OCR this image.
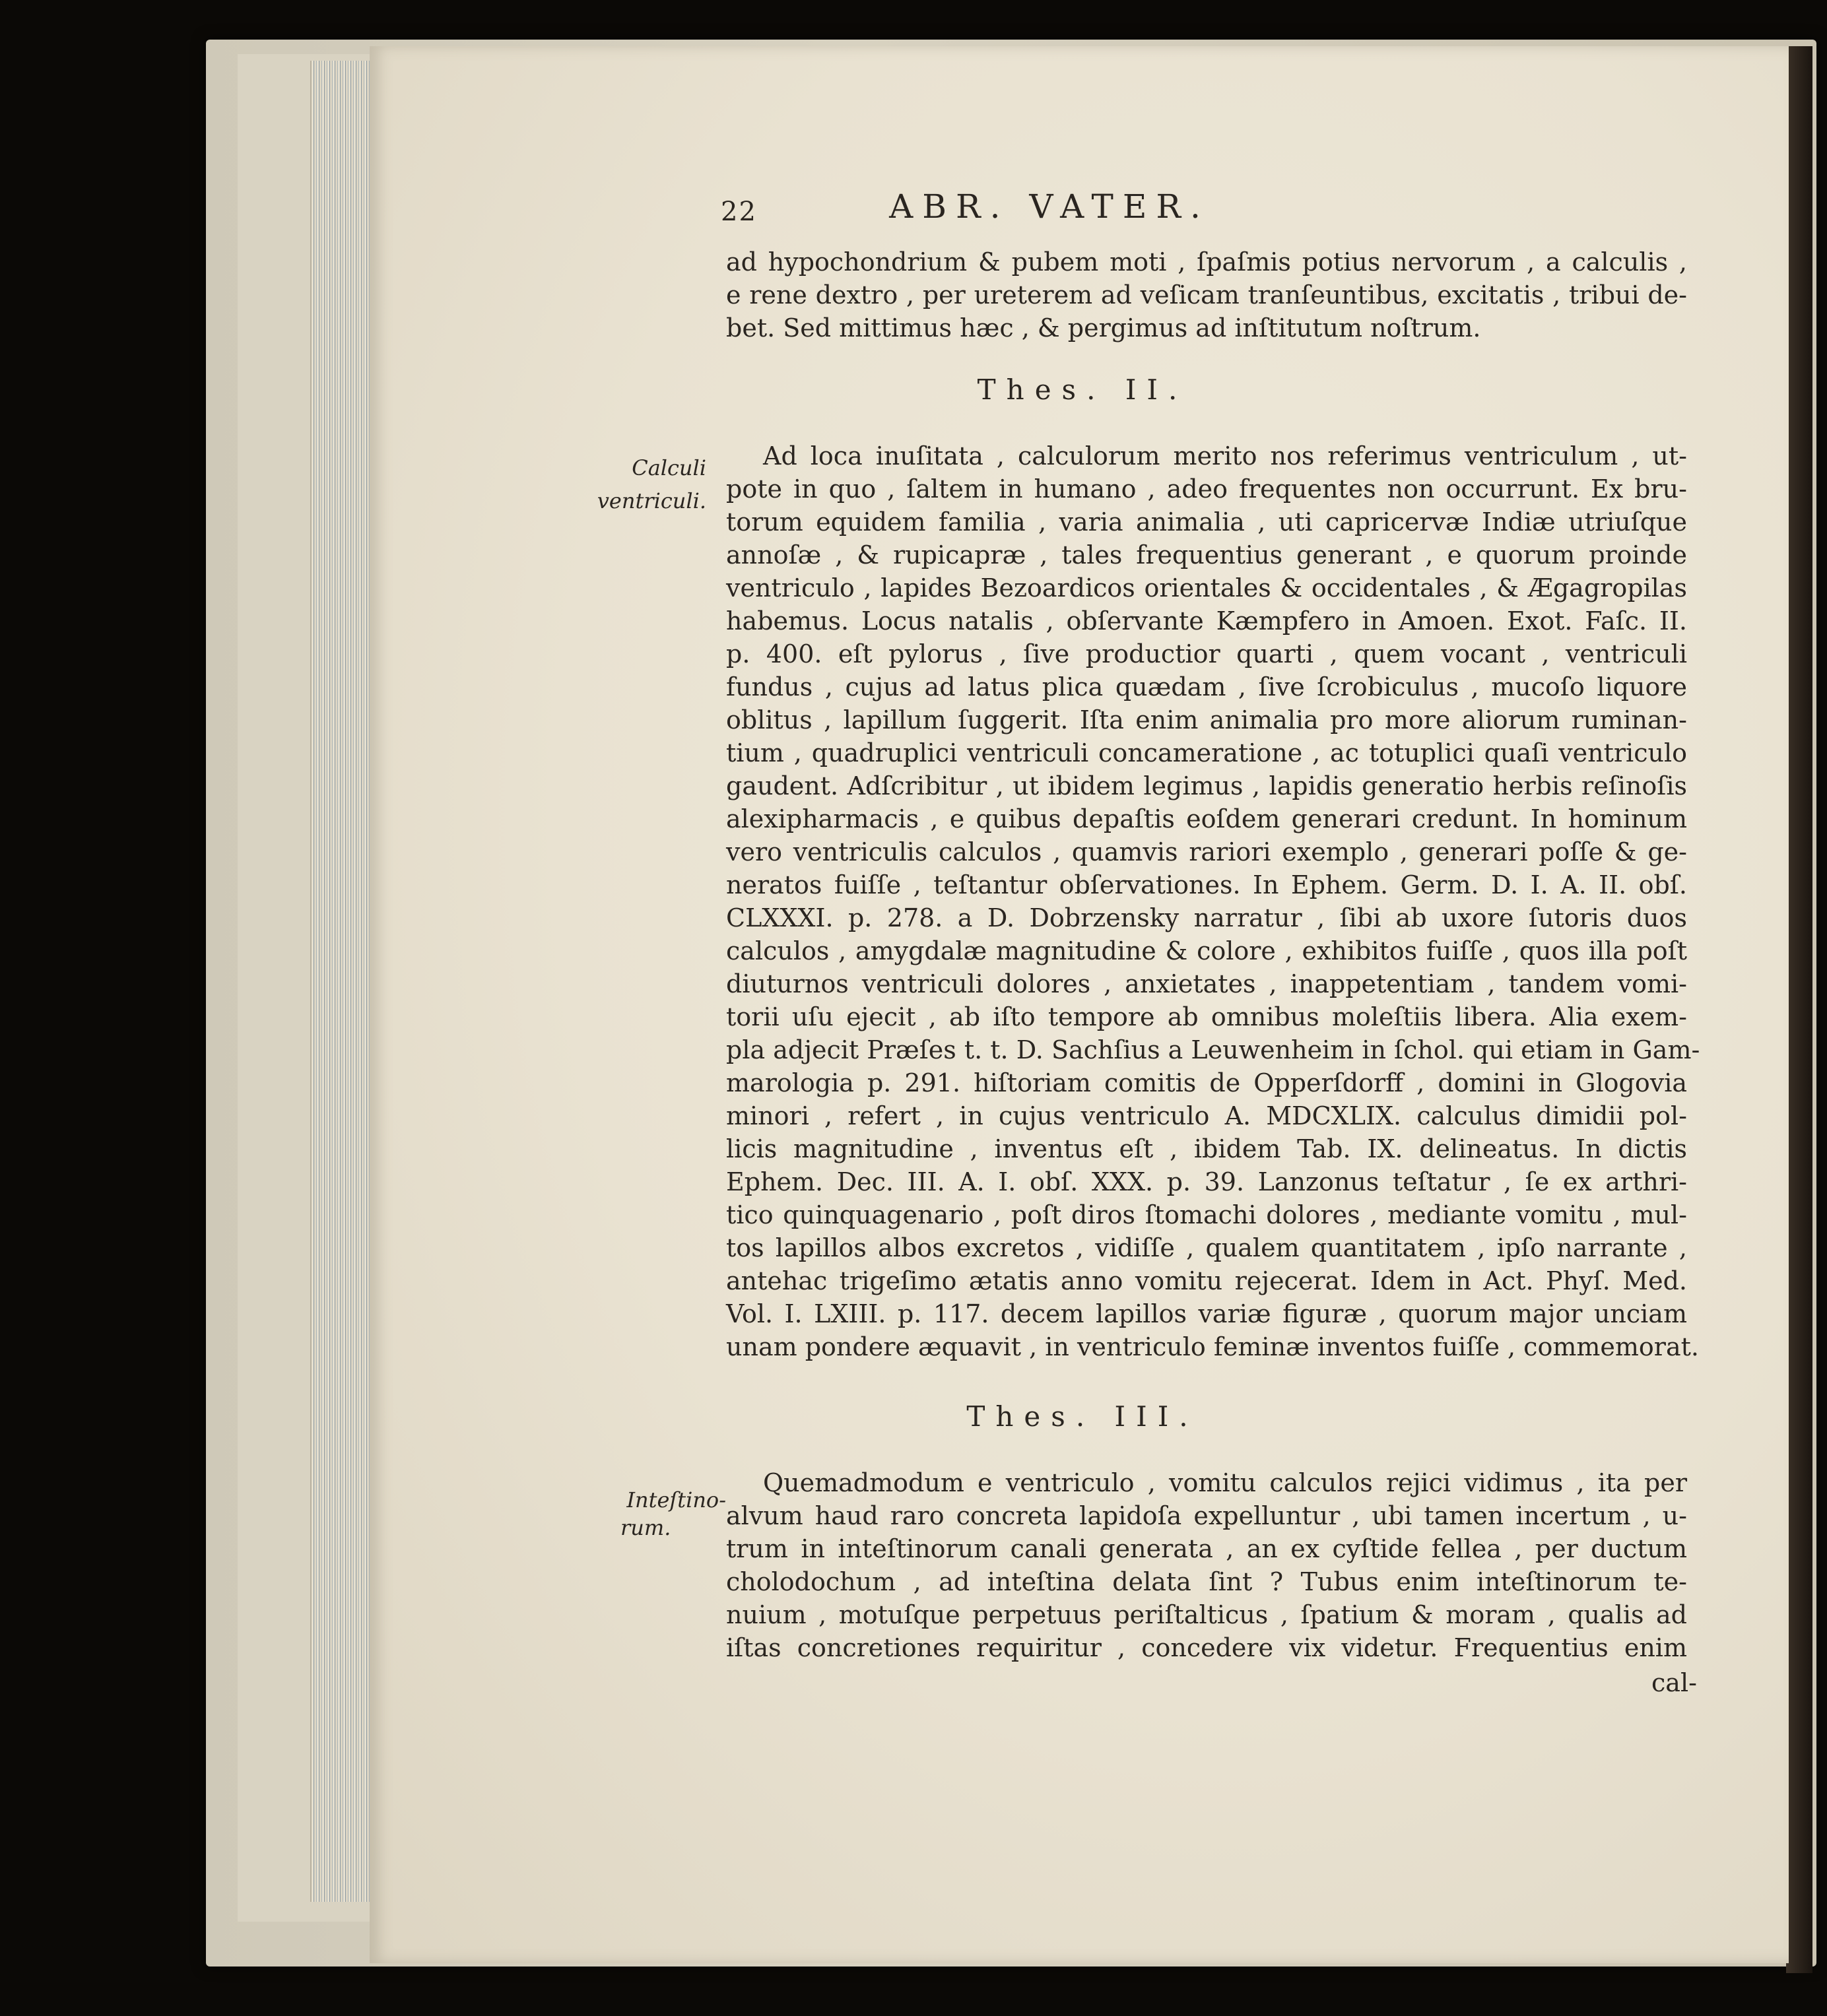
22	ABR. VATER.
ad hypochondrium & pubem moti , ſpaſmis potius nervorum , a calculis ,
e rene dextro , per ureterem ad veſicam tranſeuntibus, excitatis , tribui de-
bet. Sed mittimus hæc , & pergimus ad inſtitutum noſtrum.
Thes. II.
Calculi
ventriculi.
Ad loca inuſitata , calculorum merito nos referimus ventriculum , ut-
pote in quo , ſaltem in humano , adeo frequentes non occurrunt. Ex bru-
torum equidem familia , varia animalia , uti capricervæ Indiæ utriuſque
annoſæ , & rupicapræ , tales frequentius generant , e quorum proinde
ventriculo , lapides Bezoardicos orientales & occidentales , & Ægagropilas
habemus. Locus natalis , obſervante Kæmpfero in Amoen. Exot. Faſc. II.
p. 400. eſt pylorus , ſive productior quarti , quem vocant , ventriculi
fundus , cujus ad latus plica quædam , ſive ſcrobiculus , mucoſo liquore
oblitus , lapillum ſuggerit. Iſta enim animalia pro more aliorum ruminan-
tium , quadruplici ventriculi concameratione , ac totuplici quaſi ventriculo
gaudent. Adſcribitur , ut ibidem legimus , lapidis generatio herbis reſinoſis
alexipharmacis , e quibus depaſtis eoſdem generari credunt. In hominum
vero ventriculis calculos , quamvis rariori exemplo , generari poſſe & ge-
neratos fuiſſe , teſtantur obſervationes. In Ephem. Germ. D. I. A. II. obſ.
CLXXXI. p. 278. a D. Dobrzensky narratur , ſibi ab uxore ſutoris duos
calculos , amygdalæ magnitudine & colore , exhibitos fuiſſe , quos illa poſt
diuturnos ventriculi dolores , anxietates , inappetentiam , tandem vomi-
torii uſu ejecit , ab iſto tempore ab omnibus moleſtiis libera. Alia exem-
pla adjecit Præſes t. t. D. Sachſius a Leuwenheim in ſchol. qui etiam in Gam-
marologia p. 291. hiſtoriam comitis de Opperſdorff , domini in Glogovia
minori , refert , in cujus ventriculo A. MDCXLIX. calculus dimidii pol-
licis magnitudine , inventus eſt , ibidem Tab. IX. delineatus. In dictis
Ephem. Dec. III. A. I. obſ. XXX. p. 39. Lanzonus teſtatur , ſe ex arthri-
tico quinquagenario , poſt diros ſtomachi dolores , mediante vomitu , mul-
tos lapillos albos excretos , vidiſſe , qualem quantitatem , ipſo narrante ,
antehac trigeſimo ætatis anno vomitu rejecerat. Idem in Act. Phyſ. Med.
Vol. I. LXIII. p. 117. decem lapillos variæ figuræ , quorum major unciam
unam pondere æquavit , in ventriculo feminæ inventos fuiſſe , commemorat.
Thes. III.
Inteſtino-
rum.
Quemadmodum e ventriculo , vomitu calculos rejici vidimus , ita per
alvum haud raro concreta lapidoſa expelluntur , ubi tamen incertum , u-
trum in inteſtinorum canali generata , an ex cyſtide fellea , per ductum
cholodochum , ad inteſtina delata ſint ? Tubus enim inteſtinorum te-
nuium , motuſque perpetuus periſtalticus , ſpatium & moram , qualis ad
iſtas concretiones requiritur , concedere vix videtur. Frequentius enim
cal-
